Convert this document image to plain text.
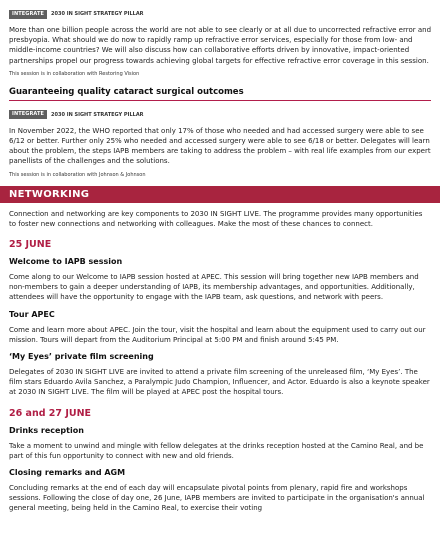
INTEGRATE	2030 IN SIGHT STRATEGY PILLAR

More than one billion people across the world are not able to see clearly or at all due to uncorrected refractive error and presbyopia. What should we do now to rapidly ramp up refractive error services, especially for those from low- and middle-income countries? We will also discuss how can collaborative efforts driven by innovative, impact-oriented partnerships propel our progress towards achieving global targets for effective refractive error coverage in this session.

This session is in collaboration with Restoring Vision

Guaranteeing quality cataract surgical outcomes
INTEGRATE	2030 IN SIGHT STRATEGY PILLAR

In November 2022, the WHO reported that only 17% of those who needed and had accessed surgery were able to see 6/12 or better. Further only 25% who needed and accessed surgery were able to see 6/18 or better. Delegates will learn about the problem, the steps IAPB members are taking to address the problem – with real life examples from our expert panellists of the challenges and the solutions.

This session is in collaboration with Johnson & Johnson

NETWORKING

Connection and networking are key components to 2030 IN SIGHT LIVE. The programme provides many opportunities to foster new connections and networking with colleagues. Make the most of these chances to connect.

25 JUNE

Welcome to IAPB session

Come along to our Welcome to IAPB session hosted at APEC. This session will bring together new IAPB members and non-members to gain a deeper understanding of IAPB, its membership advantages, and opportunities. Additionally, attendees will have the opportunity to engage with the IAPB team, ask questions, and network with peers.

Tour APEC

Come and learn more about APEC. Join the tour, visit the hospital and learn about the equipment used to carry out our mission. Tours will depart from the Auditorium Principal at 5:00 PM and finish around 5:45 PM.

‘My Eyes’ private film screening

Delegates of 2030 IN SIGHT LIVE are invited to attend a private film screening of the unreleased film, ‘My Eyes’. The film stars Eduardo Avila Sanchez, a Paralympic Judo Champion, Influencer, and Actor. Eduardo is also a keynote speaker at 2030 IN SIGHT LIVE. The film will be played at APEC post the hospital tours.

26 and 27 JUNE

Drinks reception

Take a moment to unwind and mingle with fellow delegates at the drinks reception hosted at the Camino Real, and be part of this fun opportunity to connect with new and old friends.

Closing remarks and AGM

Concluding remarks at the end of each day will encapsulate pivotal points from plenary, rapid fire and workshops sessions. Following the close of day one, 26 June, IAPB members are invited to participate in the organisation's annual general meeting, being held in the Camino Real, to exercise their voting
